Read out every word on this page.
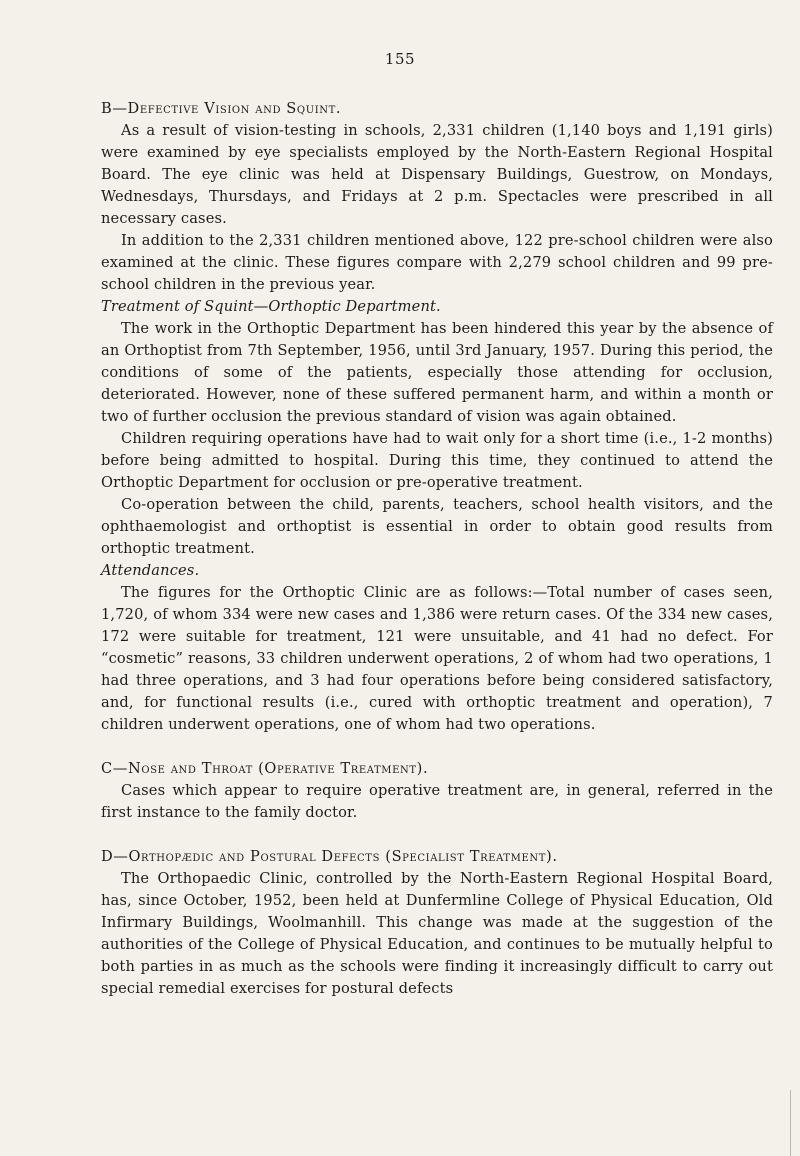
155
B—Defective Vision and Squint.

As a result of vision-testing in schools, 2,331 children (1,140 boys and 1,191 girls) were examined by eye specialists employed by the North-Eastern Regional Hospital Board. The eye clinic was held at Dispensary Buildings, Guestrow, on Mondays, Wednesdays, Thursdays, and Fridays at 2 p.m. Spectacles were prescribed in all necessary cases.

In addition to the 2,331 children mentioned above, 122 pre-school children were also examined at the clinic. These figures compare with 2,279 school children and 99 pre-school children in the previous year.

Treatment of Squint—Orthoptic Department.

The work in the Orthoptic Department has been hindered this year by the absence of an Orthoptist from 7th September, 1956, until 3rd January, 1957. During this period, the conditions of some of the patients, especially those attending for occlusion, deteriorated. However, none of these suffered permanent harm, and within a month or two of further occlusion the previous standard of vision was again obtained.

Children requiring operations have had to wait only for a short time (i.e., 1-2 months) before being admitted to hospital. During this time, they continued to attend the Orthoptic Department for occlusion or pre-operative treatment.

Co-operation between the child, parents, teachers, school health visitors, and the ophthaemologist and orthoptist is essential in order to obtain good results from orthoptic treatment.

Attendances.

The figures for the Orthoptic Clinic are as follows:—Total number of cases seen, 1,720, of whom 334 were new cases and 1,386 were return cases. Of the 334 new cases, 172 were suitable for treatment, 121 were unsuitable, and 41 had no defect. For “cosmetic” reasons, 33 children underwent operations, 2 of whom had two operations, 1 had three operations, and 3 had four operations before being considered satisfactory, and, for functional results (i.e., cured with orthoptic treatment and operation), 7 children underwent operations, one of whom had two operations.

C—Nose and Throat (Operative Treatment).

Cases which appear to require operative treatment are, in general, referred in the first instance to the family doctor.

D—Orthopædic and Postural Defects (Specialist Treatment).

The Orthopaedic Clinic, controlled by the North-Eastern Regional Hospital Board, has, since October, 1952, been held at Dunfermline College of Physical Education, Old Infirmary Buildings, Woolmanhill. This change was made at the suggestion of the authorities of the College of Physical Education, and continues to be mutually helpful to both parties in as much as the schools were finding it increasingly difficult to carry out special remedial exercises for postural defects
